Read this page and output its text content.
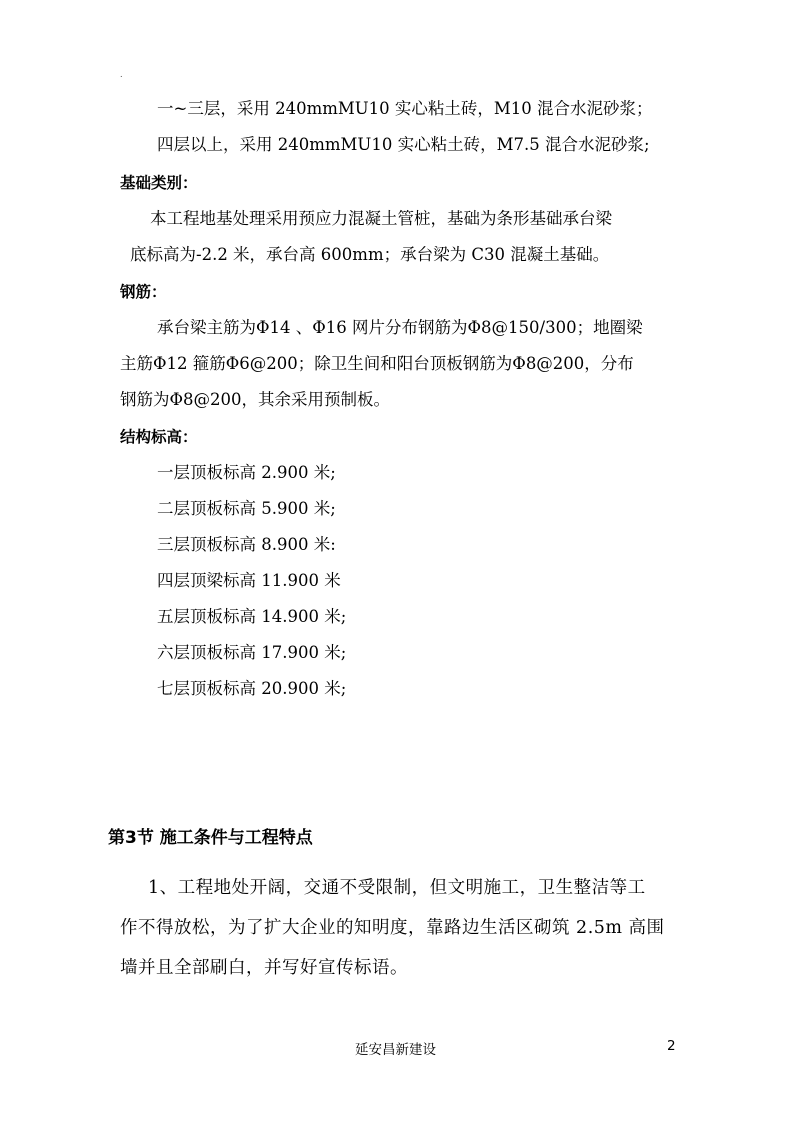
.
一~三层，采用 240mmMU10 实心粘土砖，M10 混合水泥砂浆；
四层以上，采用 240mmMU10 实心粘土砖，M7.5 混合水泥砂浆;
基础类别：
本工程地基处理采用预应力混凝土管桩，基础为条形基础承台梁
底标高为-2.2 米，承台高 600mm；承台梁为 C30 混凝土基础。
钢筋：
承台梁主筋为Φ14 、Φ16 网片分布钢筋为Φ8@150/300；地圈梁
主筋Φ12 箍筋Φ6@200；除卫生间和阳台顶板钢筋为Φ8@200，分布
钢筋为Φ8@200，其余采用预制板。
结构标高：
一层顶板标高 2.900 米;
二层顶板标高 5.900 米;
三层顶板标高 8.900 米:
四层顶梁标高 11.900 米
五层顶板标高 14.900 米;
六层顶板标高 17.900 米;
七层顶板标高 20.900 米;
第3节 施工条件与工程特点
1、工程地处开阔，交通不受限制，但文明施工，卫生整洁等工
作不得放松，为了扩大企业的知明度，靠路边生活区砌筑 2.5m 高围
墙并且全部刷白，并写好宣传标语。
延安昌新建设	2
